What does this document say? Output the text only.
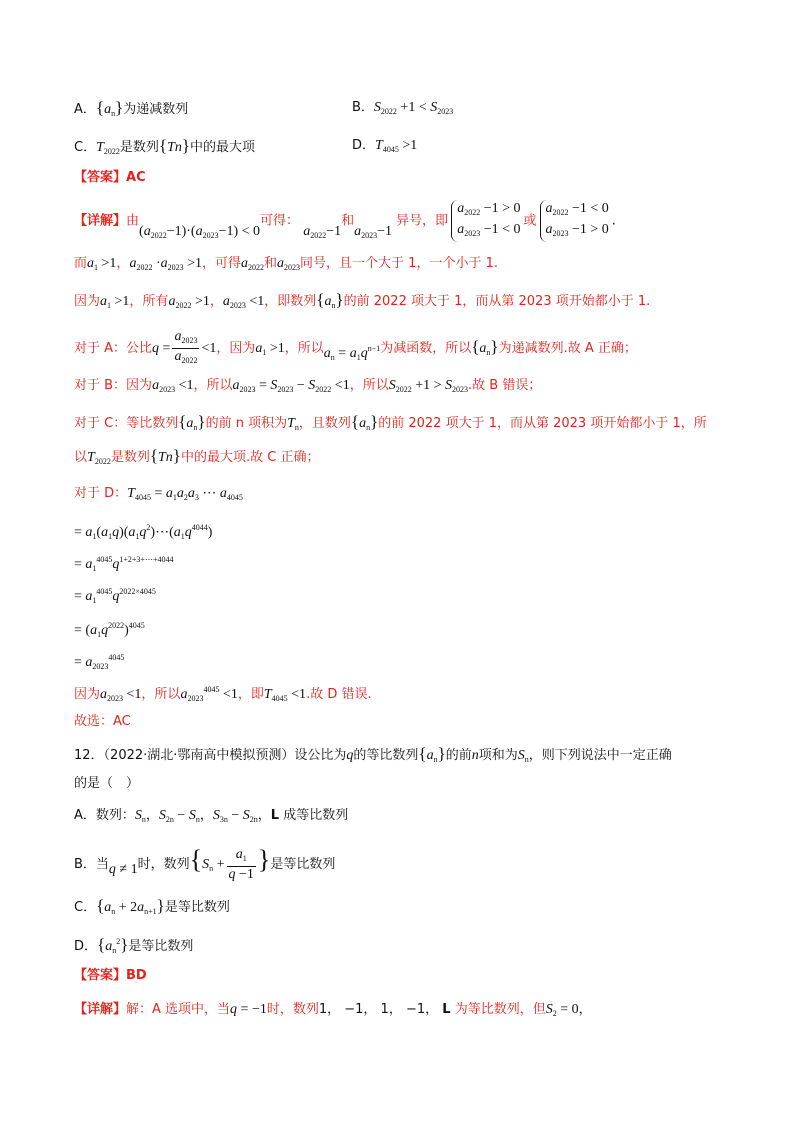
A．$\{a_n\}$为递减数列	B．$S_{2022} +1 < S_{2023}$
C．$T_{2022}$是数列{Tn}中的最大项	D．$T_{4045} >1$
【答案】AC
【详解】由$(a_{2022}-1)\cdot(a_{2023}-1) < 0$可得： $a_{2022}-1$和$a_{2023}-1$ 异号，即
$a_{2022} -1 > 0$
$a_{2023} -1 < 0$
或
$a_{2022} -1 < 0$
$a_{2023} -1 > 0$
.
而$a_1 >1$，$a_{2022} \cdot a_{2023} >1$，可得$a_{2022}$和$a_{2023}$同号，且一个大于 1，一个小于 1.
因为$a_1 >1$，所有$a_{2022} >1$，$a_{2023} <1$，即数列$\{a_n\}$的前 2022 项大于 1，而从第 2023 项开始都小于 1.
对于 A：公比$q = \frac{a_{2023}}{a_{2022}} <1$，因为$a_1 >1$，所以$a_n = a_1q^{n-1}$为减函数，所以$\{a_n\}$为递减数列.故 A 正确；
对于 B：因为$a_{2023} <1$，所以$a_{2023} = S_{2023} - S_{2022} <1$，所以$S_{2022} +1 > S_{2023}$.故 B 错误；
对于 C：等比数列$\{a_n\}$的前 n 项积为$T_n$，且数列$\{a_n\}$的前 2022 项大于 1，而从第 2023 项开始都小于 1，所
以$T_{2022}$是数列{Tn}中的最大项.故 C 正确；
对于 D：$T_{4045} = a_1a_2a_3$ ⋯ $a_{4045}$
= $a_1(a_1q)(a_1q^2)\cdots(a_1q^{4044})$
= $a_1^{4045}q^{1+2+3+\cdots+4044}$
= $a_1^{4045}q^{2022\times 4045}$
= $(a_1q^{2022})^{4045}$
= $a_{2023}^{4045}$
因为$a_{2023} <1$，所以$a_{2023}^{4045} <1$，即$T_{4045} <1$.故 D 错误.
故选：AC
12．（2022·湖北·鄂南高中模拟预测）设公比为q的等比数列$\{a_n\}$的前n项和为$S_n$，则下列说法中一定正确
的是（　）
A．数列：$S_n$，$S_{2n} - S_n$，$S_{3n} - S_{2n}$，L 成等比数列
B．当q ≠ 1时，数列{$S_n + \frac{a_1}{q -1}$ }是等比数列
C．$\{a_n + 2a_{n+1}\}$是等比数列
D．$\{a_n^2\}$是等比数列
【答案】BD
【详解】解：A 选项中，当q = −1时，数列1， −1， 1， −1， L 为等比数列，但$S_2 = 0$，
